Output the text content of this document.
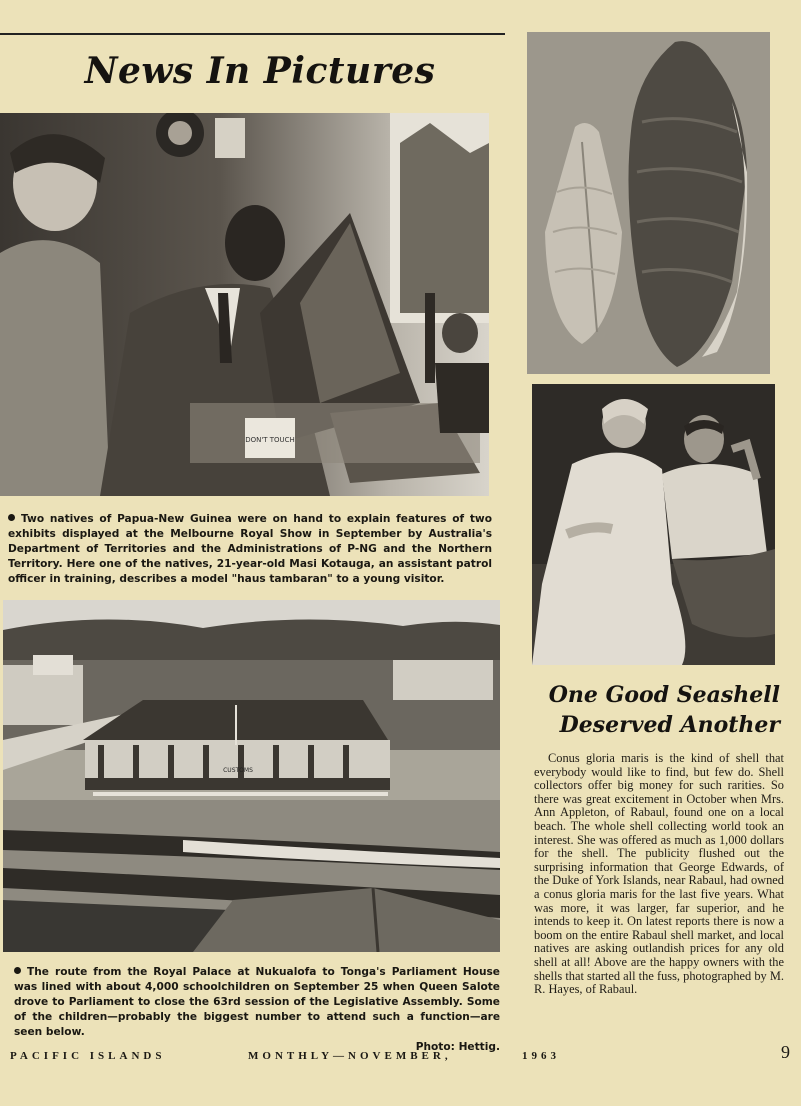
News In Pictures
DON'T TOUCH
Two natives of Papua-New Guinea were on hand to explain features of two exhibits displayed at the Melbourne Royal Show in September by Australia's Department of Territories and the Administrations of P-NG and the Northern Territory. Here one of the natives, 21-year-old Masi Kotauga, an assistant patrol officer in training, describes a model "haus tambaran" to a young visitor.
CUSTOMS
The route from the Royal Palace at Nukualofa to Tonga's Parliament House was lined with about 4,000 schoolchildren on September 25 when Queen Salote drove to Parliament to close the 63rd session of the Legislative Assembly. Some of the children—probably the biggest number to attend such a function—are seen below.
Photo: Hettig.
One Good Seashell
Deserved Another
Conus gloria maris is the kind of shell that everybody would like to find, but few do. Shell collectors offer big money for such rarities. So there was great excitement in October when Mrs. Ann Appleton, of Rabaul, found one on a local beach. The whole shell collecting world took an interest. She was offered as much as 1,000 dollars for the shell. The publicity flushed out the surprising information that George Edwards, of the Duke of York Islands, near Rabaul, had owned a conus gloria maris for the last five years. What was more, it was larger, far superior, and he intends to keep it. On latest reports there is now a boom on the entire Rabaul shell market, and local natives are asking outlandish prices for any old shell at all! Above are the happy owners with the shells that started all the fuss, photographed by M. R. Hayes, of Rabaul.
PACIFIC ISLANDS	MONTHLY—NOVEMBER,	1963	9
